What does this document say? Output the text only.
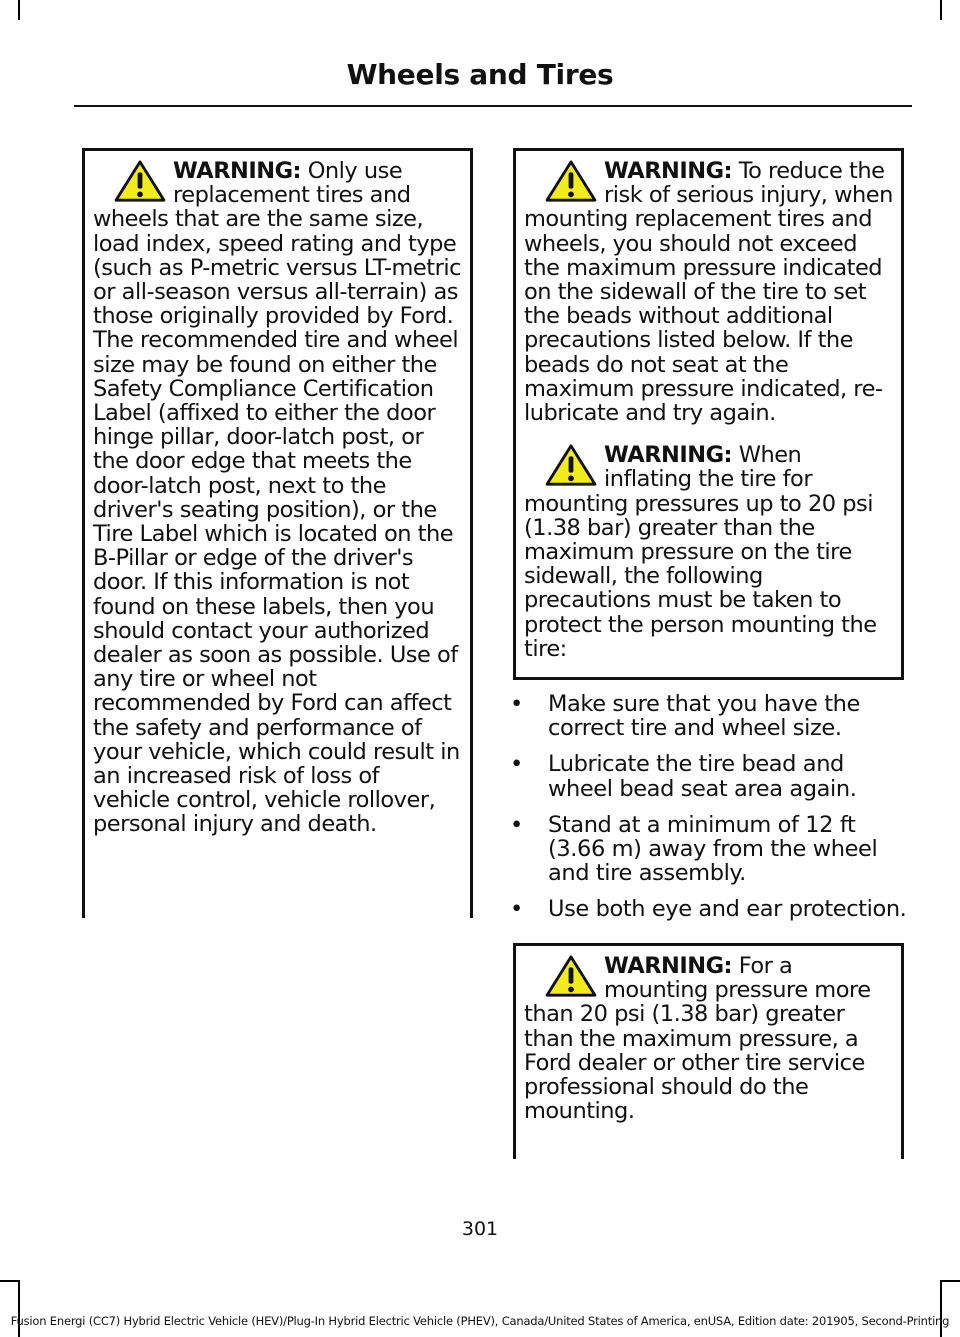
Wheels and Tires
WARNING: Only use replacement tires and wheels that are the same size, load index, speed rating and type (such as P-metric versus LT-metric or all-season versus all-terrain) as those originally provided by Ford. The recommended tire and wheel size may be found on either the Safety Compliance Certification Label (affixed to either the door hinge pillar, door-latch post, or the door edge that meets the door-latch post, next to the driver's seating position), or the Tire Label which is located on the B-Pillar or edge of the driver's door. If this information is not found on these labels, then you should contact your authorized dealer as soon as possible. Use of any tire or wheel not recommended by Ford can affect the safety and performance of your vehicle, which could result in an increased risk of loss of vehicle control, vehicle rollover, personal injury and death.
WARNING: To reduce the risk of serious injury, when mounting replacement tires and wheels, you should not exceed the maximum pressure indicated on the sidewall of the tire to set the beads without additional precautions listed below. If the beads do not seat at the maximum pressure indicated, re-lubricate and try again.
WARNING: When inflating the tire for mounting pressures up to 20 psi (1.38 bar) greater than the maximum pressure on the tire sidewall, the following precautions must be taken to protect the person mounting the tire:
• Make sure that you have the correct tire and wheel size.
• Lubricate the tire bead and wheel bead seat area again.
• Stand at a minimum of 12 ft (3.66 m) away from the wheel and tire assembly.
• Use both eye and ear protection.
WARNING: For a mounting pressure more than 20 psi (1.38 bar) greater than the maximum pressure, a Ford dealer or other tire service professional should do the mounting.
301
Fusion Energi (CC7) Hybrid Electric Vehicle (HEV)/Plug-In Hybrid Electric Vehicle (PHEV), Canada/United States of America, enUSA, Edition date: 201905, Second-Printing
